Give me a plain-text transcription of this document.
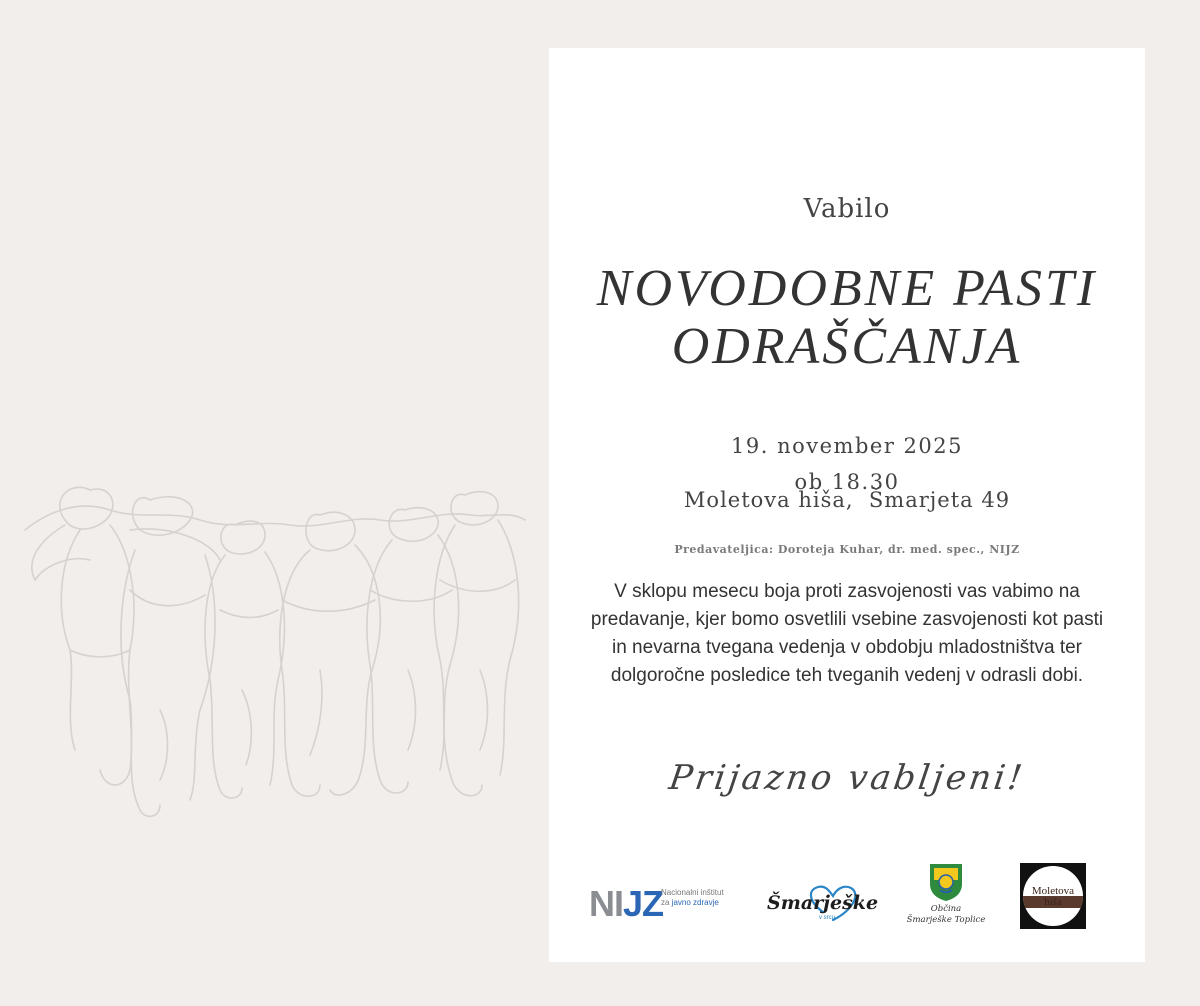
Vabilo
NOVODOBNE PASTI
ODRAŠČANJA
19. november 2025
ob 18.30
Moletova hiša,  Šmarjeta 49
Predavateljica: Doroteja Kuhar, dr. med. spec., NIJZ
V sklopu mesecu boja proti zasvojenosti vas vabimo na predavanje, kjer bomo osvetlili vsebine zasvojenosti kot pasti in nevarna tvegana vedenja v obdobju mladostništva ter dolgoročne posledice teh tveganih vedenj v odrasli dobi.
Prijazno vabljeni!
NIJZ
Nacionalni inštitut
za javno zdravje	Šmarješke
v srcu
Občina
Šmarješke Toplice
Moletova
hiša
